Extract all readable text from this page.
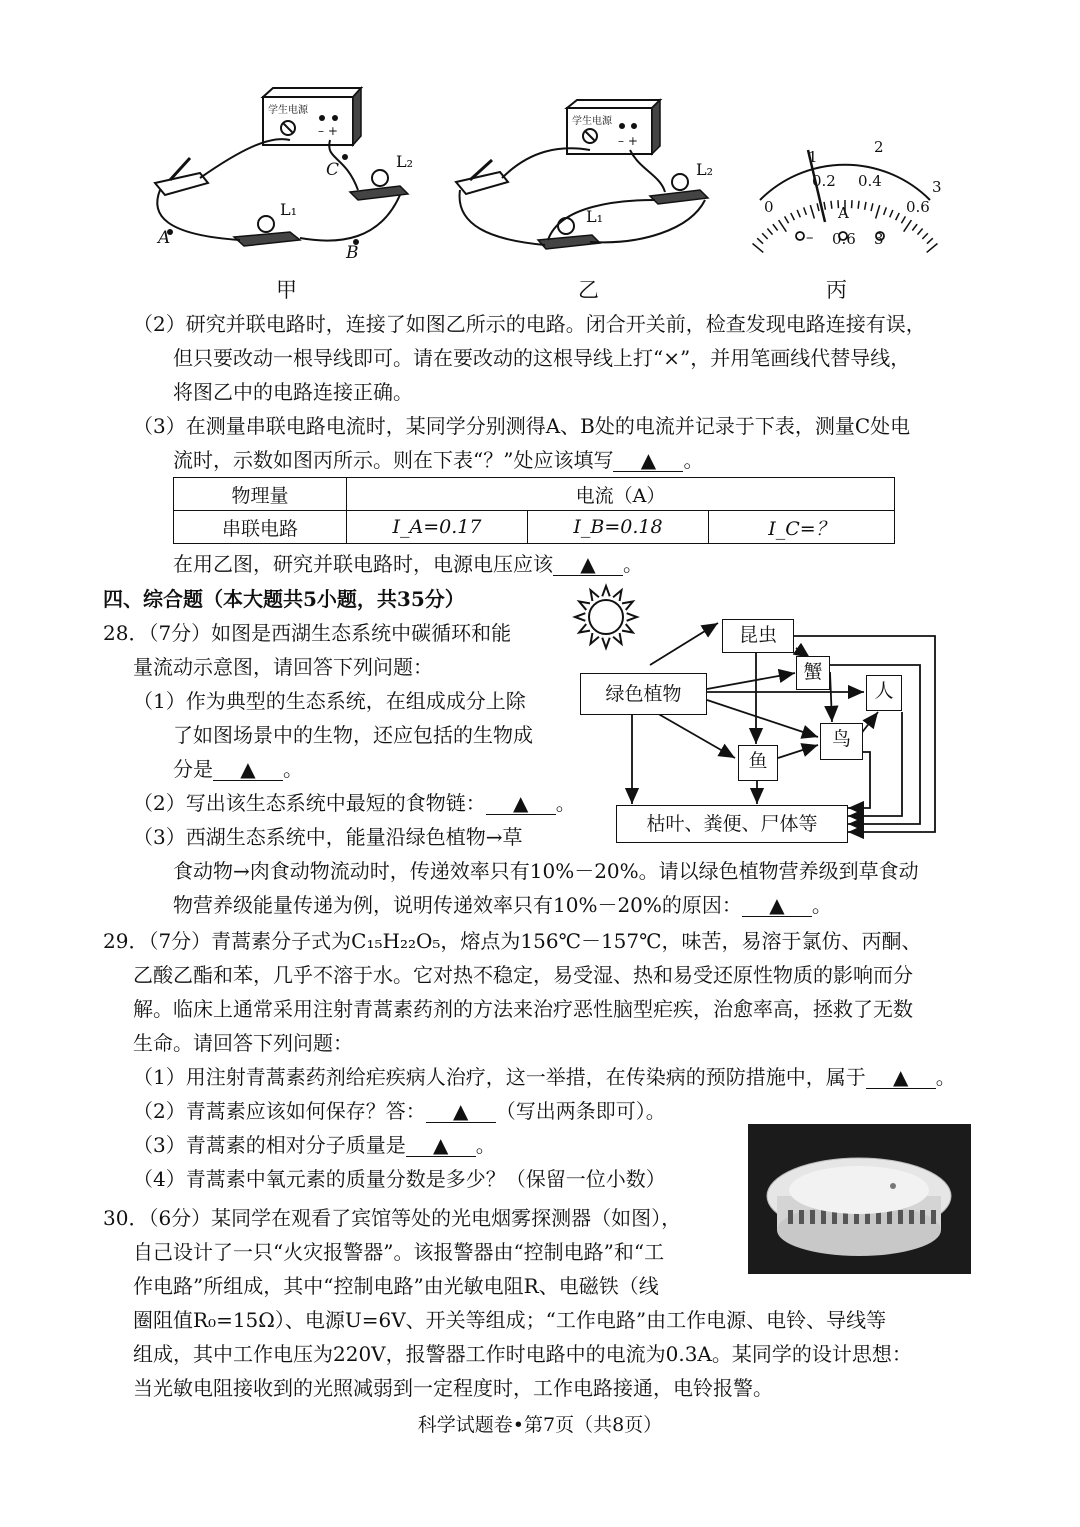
– +
A
B
C
L₁
L₂
学生电源
甲
– +
L₁
L₂
学生电源
乙
1
2
3
0
0.2 0.4
0.6
A
– 0.6 3
丙
（2）研究并联电路时，连接了如图乙所示的电路。闭合开关前，检查发现电路连接有误，
但只要改动一根导线即可。请在要改动的这根导线上打“×”，并用笔画线代替导线，
将图乙中的电路连接正确。
（3）在测量串联电路电流时，某同学分别测得A、B处的电流并记录于下表，测量C处电
流时，示数如图丙所示。则在下表“？”处应该填写 ▲ 。
物理量	电流（A）		
串联电路	I_A=0.17	I_B=0.18	I_C=？
在用乙图，研究并联电路时，电源电压应该 ▲ 。
四、综合题（本大题共5小题，共35分）
28．（7分）如图是西湖生态系统中碳循环和能
量流动示意图，请回答下列问题：
（1）作为典型的生态系统，在组成成分上除
了如图场景中的生物，还应包括的生物成
分是 ▲ 。
（2）写出该生态系统中最短的食物链： ▲ 。
（3）西湖生态系统中，能量沿绿色植物→草
食动物→肉食动物流动时，传递效率只有10%－20%。请以绿色植物营养级到草食动
物营养级能量传递为例，说明传递效率只有10%－20%的原因： ▲ 。
昆虫
蟹
人
绿色植物
鸟
鱼
枯叶、粪便、尸体等
29．（7分）青蒿素分子式为C₁₅H₂₂O₅，熔点为156℃－157℃，味苦，易溶于氯仿、丙酮、
乙酸乙酯和苯，几乎不溶于水。它对热不稳定，易受湿、热和易受还原性物质的影响而分
解。临床上通常采用注射青蒿素药剂的方法来治疗恶性脑型疟疾，治愈率高，拯救了无数
生命。请回答下列问题：
（1）用注射青蒿素药剂给疟疾病人治疗，这一举措，在传染病的预防措施中，属于 ▲ 。
（2）青蒿素应该如何保存？答： ▲ （写出两条即可）。
（3）青蒿素的相对分子质量是 ▲ 。
（4）青蒿素中氧元素的质量分数是多少？（保留一位小数）
30．（6分）某同学在观看了宾馆等处的光电烟雾探测器（如图），
自己设计了一只“火灾报警器”。该报警器由“控制电路”和“工
作电路”所组成，其中“控制电路”由光敏电阻R、电磁铁（线
圈阻值R₀=15Ω）、电源U=6V、开关等组成；“工作电路”由工作电源、电铃、导线等
组成，其中工作电压为220V，报警器工作时电路中的电流为0.3A。某同学的设计思想：
当光敏电阻接收到的光照减弱到一定程度时，工作电路接通，电铃报警。
科学试题卷•第7页（共8页）
